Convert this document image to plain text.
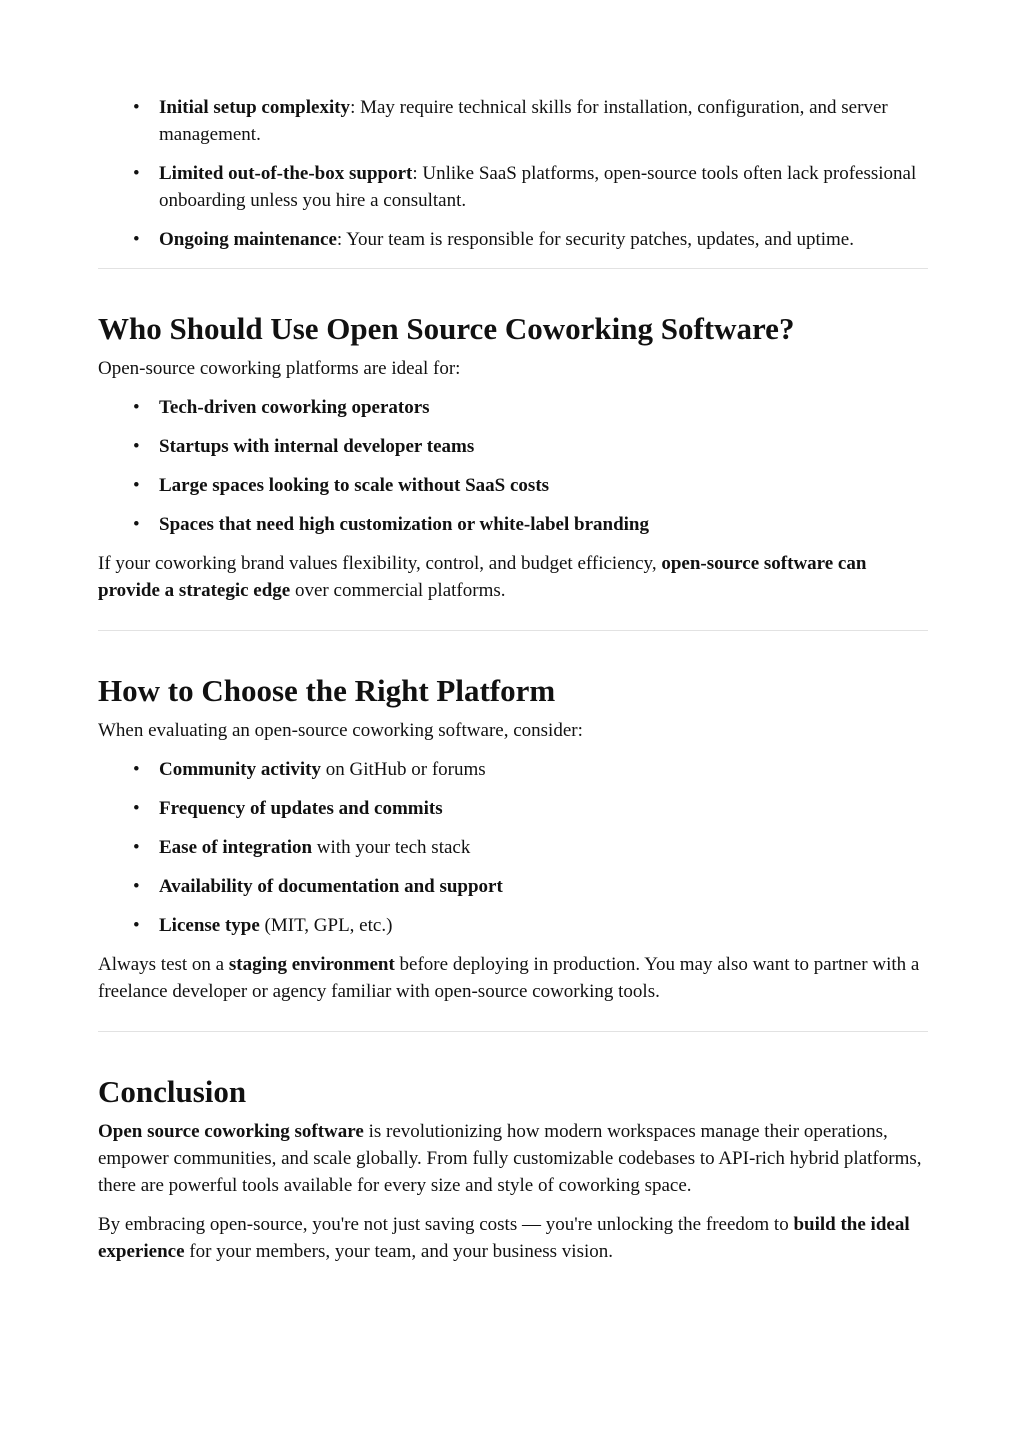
• Initial setup complexity: May require technical skills for installation, configuration, and server management.
• Limited out-of-the-box support: Unlike SaaS platforms, open-source tools often lack professional onboarding unless you hire a consultant.
• Ongoing maintenance: Your team is responsible for security patches, updates, and uptime.
Who Should Use Open Source Coworking Software?

Open-source coworking platforms are ideal for:

• Tech-driven coworking operators
• Startups with internal developer teams
• Large spaces looking to scale without SaaS costs
• Spaces that need high customization or white-label branding

If your coworking brand values flexibility, control, and budget efficiency, open-source software can provide a strategic edge over commercial platforms.

How to Choose the Right Platform

When evaluating an open-source coworking software, consider:

• Community activity on GitHub or forums
• Frequency of updates and commits
• Ease of integration with your tech stack
• Availability of documentation and support
• License type (MIT, GPL, etc.)

Always test on a staging environment before deploying in production. You may also want to partner with a freelance developer or agency familiar with open-source coworking tools.

Conclusion

Open source coworking software is revolutionizing how modern workspaces manage their operations, empower communities, and scale globally. From fully customizable codebases to API-rich hybrid platforms, there are powerful tools available for every size and style of coworking space.

By embracing open-source, you're not just saving costs — you're unlocking the freedom to build the ideal experience for your members, your team, and your business vision.
